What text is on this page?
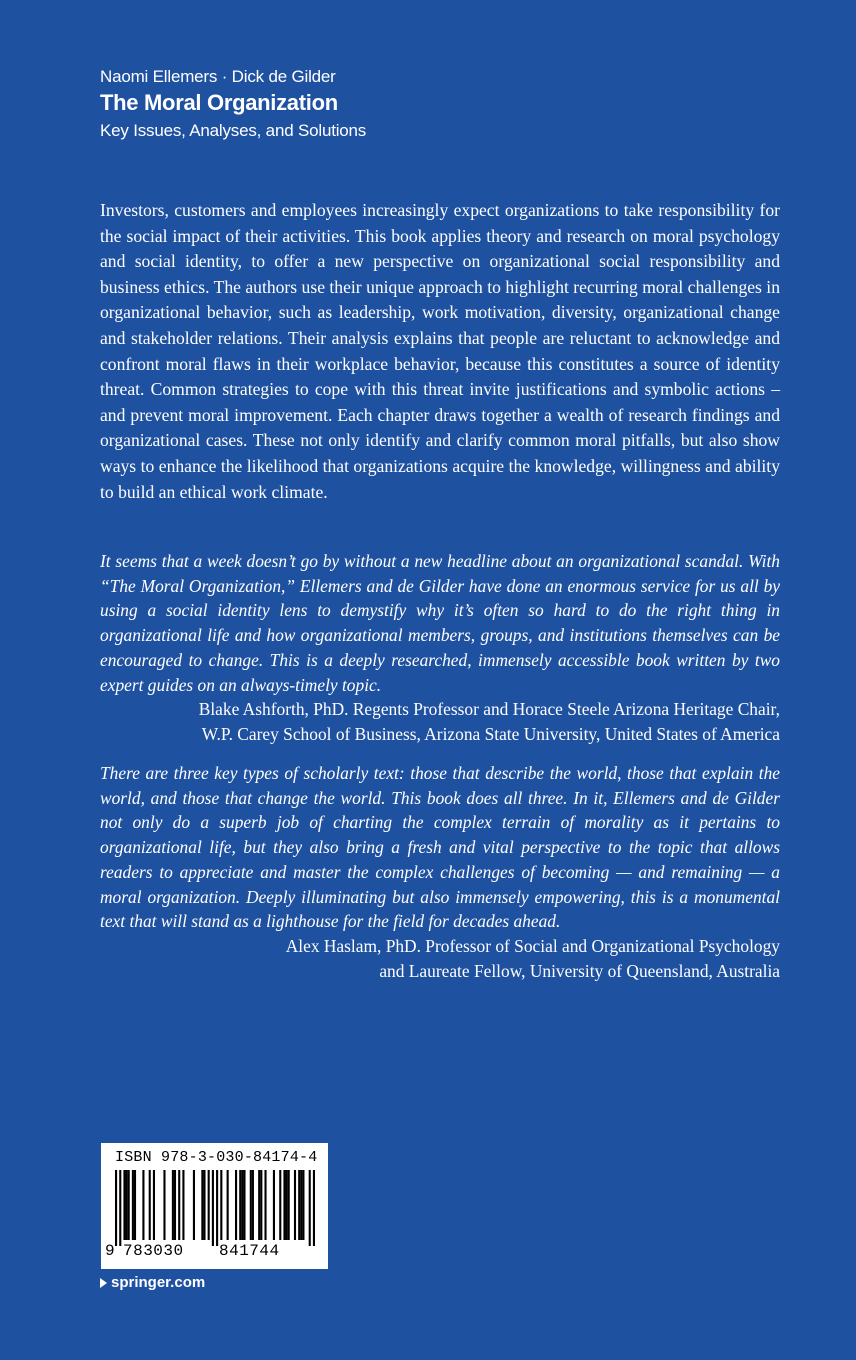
Naomi Ellemers · Dick de Gilder
The Moral Organization
Key Issues, Analyses, and Solutions

Investors, customers and employees increasingly expect organizations to take responsibility for the social impact of their activities. This book applies theory and research on moral psychology and social identity, to offer a new perspective on organizational social responsibility and business ethics. The authors use their unique approach to highlight recurring moral challenges in organizational behavior, such as leadership, work motivation, diversity, organizational change and stakeholder relations. Their analysis explains that people are reluctant to acknowledge and confront moral flaws in their workplace behavior, because this constitutes a source of identity threat. Common strategies to cope with this threat invite justifications and symbolic actions – and prevent moral improvement. Each chapter draws together a wealth of research findings and organizational cases. These not only identify and clarify common moral pitfalls, but also show ways to enhance the likelihood that organizations acquire the knowledge, willingness and ability to build an ethical work climate.

It seems that a week doesn’t go by without a new headline about an organizational scandal. With “The Moral Organization,” Ellemers and de Gilder have done an enormous service for us all by using a social identity lens to demystify why it’s often so hard to do the right thing in organizational life and how organizational members, groups, and institutions themselves can be encouraged to change. This is a deeply researched, immensely accessible book written by two expert guides on an always-timely topic.

Blake Ashforth, PhD. Regents Professor and Horace Steele Arizona Heritage Chair,
W.P. Carey School of Business, Arizona State University, United States of America

There are three key types of scholarly text: those that describe the world, those that explain the world, and those that change the world. This book does all three. In it, Ellemers and de Gilder not only do a superb job of charting the complex terrain of morality as it pertains to organizational life, but they also bring a fresh and vital perspective to the topic that allows readers to appreciate and master the complex challenges of becoming — and remaining — a moral organization. Deeply illuminating but also immensely empowering, this is a monumental text that will stand as a lighthouse for the field for decades ahead.

Alex Haslam, PhD. Professor of Social and Organizational Psychology
and Laureate Fellow, University of Queensland, Australia
ISBN 978-3-030-84174-4
9 783030 841744
springer.com
